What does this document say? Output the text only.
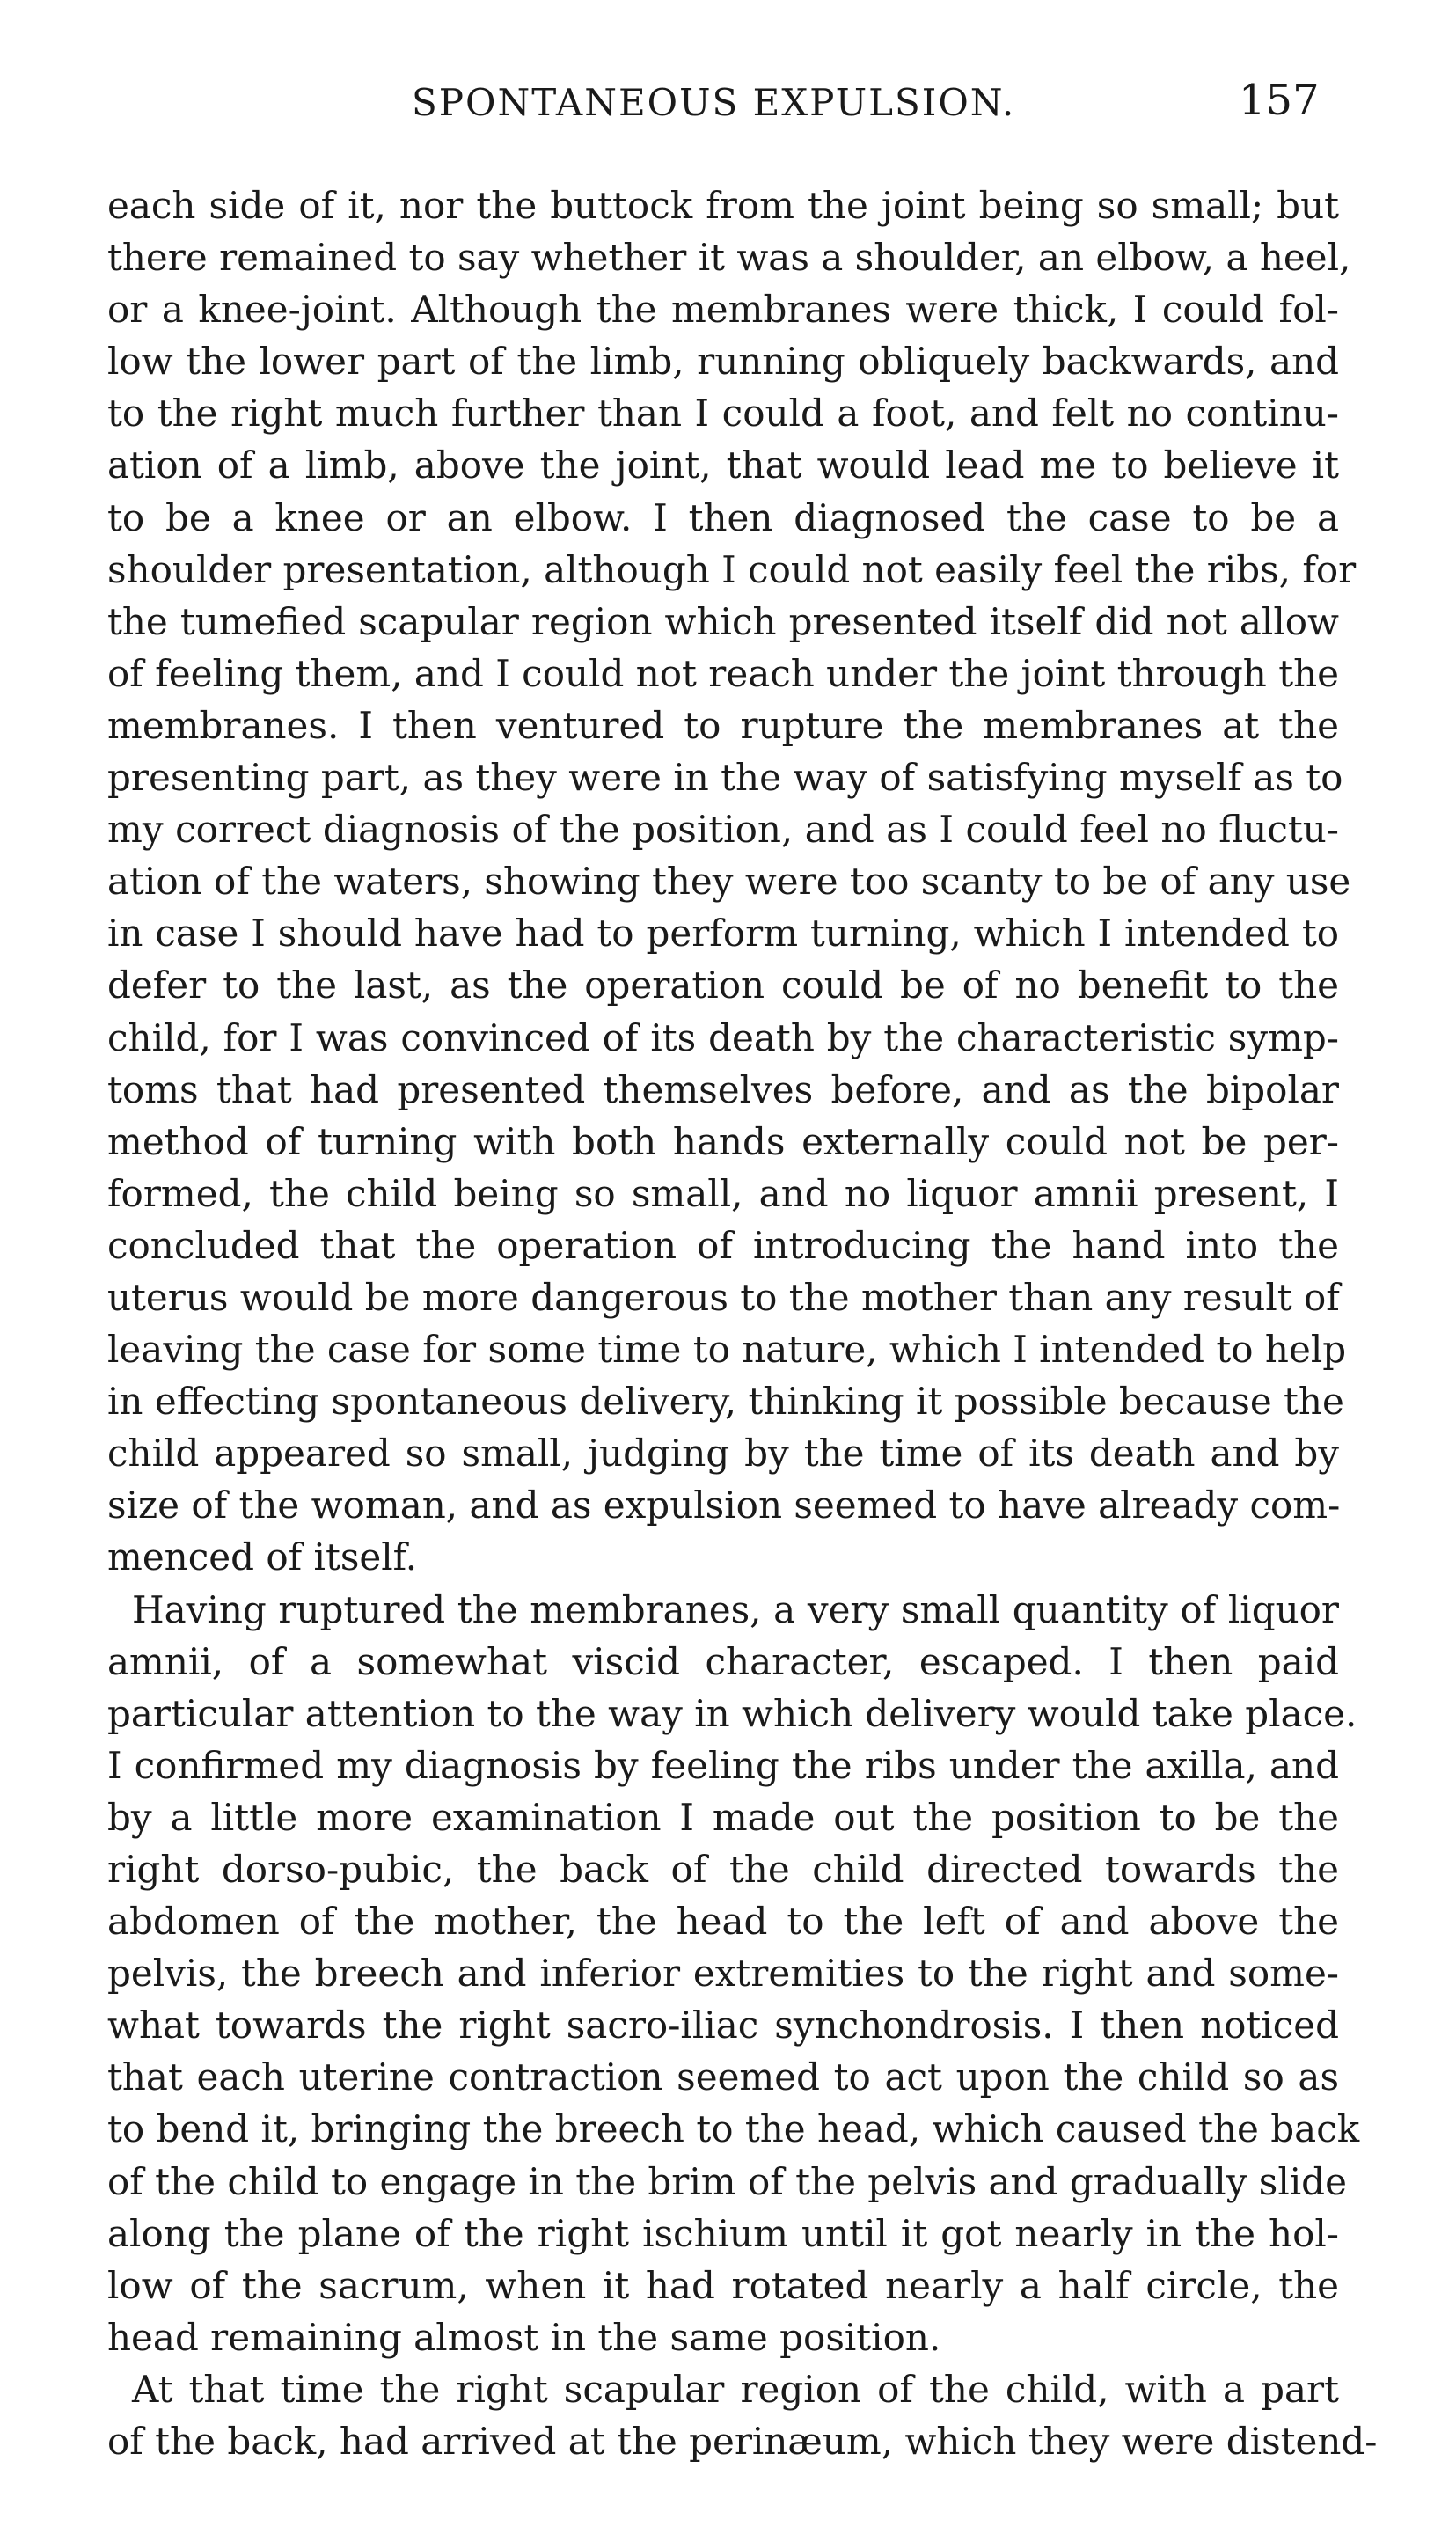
SPONTANEOUS EXPULSION.	157
each side of it, nor the buttock from the joint being so small; but
there remained to say whether it was a shoulder, an elbow, a heel,
or a knee-joint. Although the membranes were thick, I could fol-
low the lower part of the limb, running obliquely backwards, and
to the right much further than I could a foot, and felt no continu-
ation of a limb, above the joint, that would lead me to believe it
to be a knee or an elbow. I then diagnosed the case to be a
shoulder presentation, although I could not easily feel the ribs, for
the tumefied scapular region which presented itself did not allow
of feeling them, and I could not reach under the joint through the
membranes. I then ventured to rupture the membranes at the
presenting part, as they were in the way of satisfying myself as to
my correct diagnosis of the position, and as I could feel no fluctu-
ation of the waters, showing they were too scanty to be of any use
in case I should have had to perform turning, which I intended to
defer to the last, as the operation could be of no benefit to the
child, for I was convinced of its death by the characteristic symp-
toms that had presented themselves before, and as the bipolar
method of turning with both hands externally could not be per-
formed, the child being so small, and no liquor amnii present, I
concluded that the operation of introducing the hand into the
uterus would be more dangerous to the mother than any result of
leaving the case for some time to nature, which I intended to help
in effecting spontaneous delivery, thinking it possible because the
child appeared so small, judging by the time of its death and by
size of the woman, and as expulsion seemed to have already com-
menced of itself.
Having ruptured the membranes, a very small quantity of liquor
amnii, of a somewhat viscid character, escaped. I then paid
particular attention to the way in which delivery would take place.
I confirmed my diagnosis by feeling the ribs under the axilla, and
by a little more examination I made out the position to be the
right dorso-pubic, the back of the child directed towards the
abdomen of the mother, the head to the left of and above the
pelvis, the breech and inferior extremities to the right and some-
what towards the right sacro-iliac synchondrosis. I then noticed
that each uterine contraction seemed to act upon the child so as
to bend it, bringing the breech to the head, which caused the back
of the child to engage in the brim of the pelvis and gradually slide
along the plane of the right ischium until it got nearly in the hol-
low of the sacrum, when it had rotated nearly a half circle, the
head remaining almost in the same position.
At that time the right scapular region of the child, with a part
of the back, had arrived at the perinæum, which they were distend-
